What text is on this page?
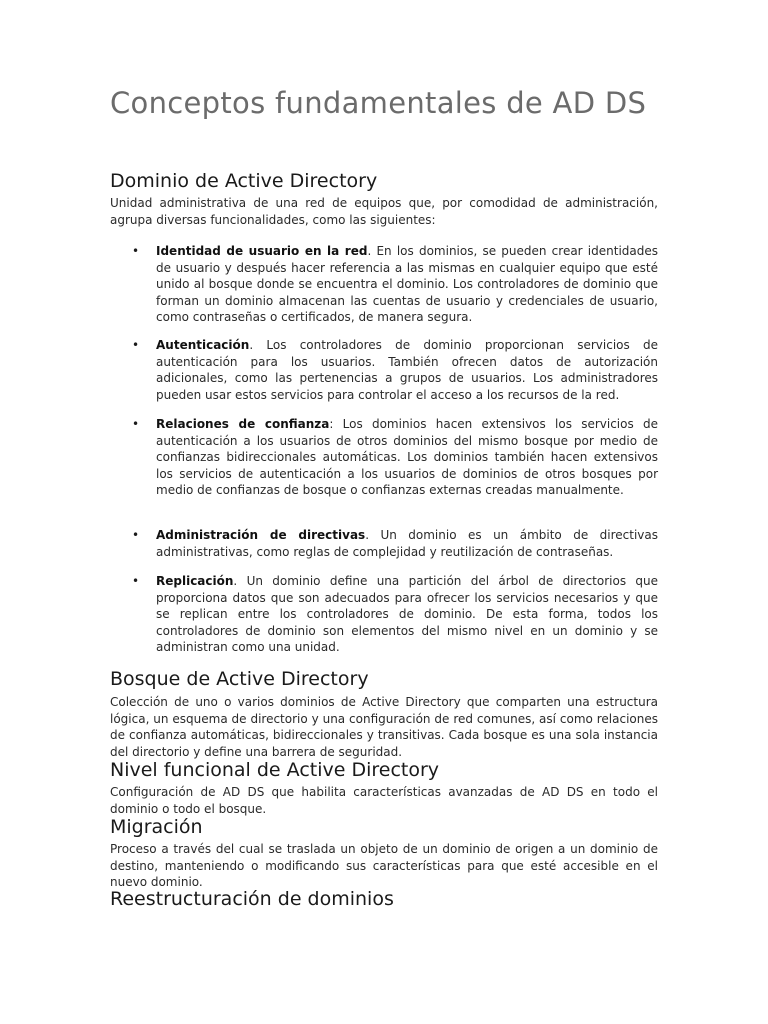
Conceptos fundamentales de AD DS
Dominio de Active Directory

Unidad administrativa de una red de equipos que, por comodidad de administración, agrupa diversas funcionalidades, como las siguientes:

• Identidad de usuario en la red. En los dominios, se pueden crear identidades de usuario y después hacer referencia a las mismas en cualquier equipo que esté unido al bosque donde se encuentra el dominio. Los controladores de dominio que forman un dominio almacenan las cuentas de usuario y credenciales de usuario, como contraseñas o certificados, de manera segura.

• Autenticación. Los controladores de dominio proporcionan servicios de autenticación para los usuarios. También ofrecen datos de autorización adicionales, como las pertenencias a grupos de usuarios. Los administradores pueden usar estos servicios para controlar el acceso a los recursos de la red.

• Relaciones de confianza: Los dominios hacen extensivos los servicios de autenticación a los usuarios de otros dominios del mismo bosque por medio de confianzas bidireccionales automáticas. Los dominios también hacen extensivos los servicios de autenticación a los usuarios de dominios de otros bosques por medio de confianzas de bosque o confianzas externas creadas manualmente.

• Administración de directivas. Un dominio es un ámbito de directivas administrativas, como reglas de complejidad y reutilización de contraseñas.

• Replicación. Un dominio define una partición del árbol de directorios que proporciona datos que son adecuados para ofrecer los servicios necesarios y que se replican entre los controladores de dominio. De esta forma, todos los controladores de dominio son elementos del mismo nivel en un dominio y se administran como una unidad.

Bosque de Active Directory

Colección de uno o varios dominios de Active Directory que comparten una estructura lógica, un esquema de directorio y una configuración de red comunes, así como relaciones de confianza automáticas, bidireccionales y transitivas. Cada bosque es una sola instancia del directorio y define una barrera de seguridad.

Nivel funcional de Active Directory

Configuración de AD DS que habilita características avanzadas de AD DS en todo el dominio o todo el bosque.

Migración

Proceso a través del cual se traslada un objeto de un dominio de origen a un dominio de destino, manteniendo o modificando sus características para que esté accesible en el nuevo dominio.

Reestructuración de dominios
